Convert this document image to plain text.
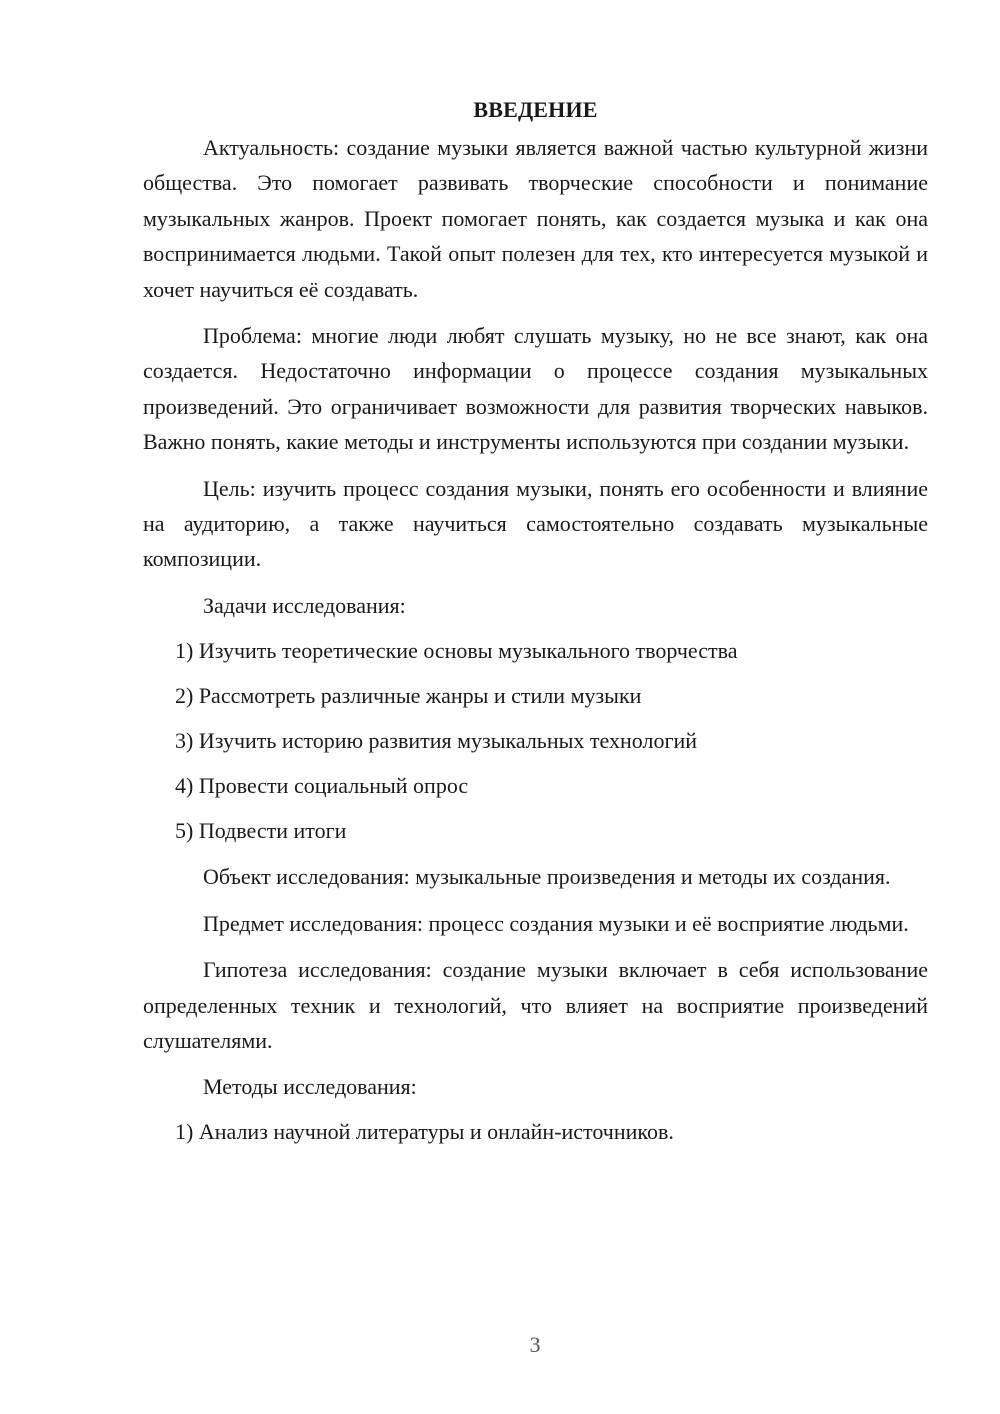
ВВЕДЕНИЕ

Актуальность: создание музыки является важной частью культурной жизни общества. Это помогает развивать творческие способности и понимание музыкальных жанров. Проект помогает понять, как создается музыка и как она воспринимается людьми. Такой опыт полезен для тех, кто интересуется музыкой и хочет научиться её создавать.

Проблема: многие люди любят слушать музыку, но не все знают, как она создается. Недостаточно информации о процессе создания музыкальных произведений. Это ограничивает возможности для развития творческих навыков. Важно понять, какие методы и инструменты используются при создании музыки.

Цель: изучить процесс создания музыки, понять его особенности и влияние на аудиторию, а также научиться самостоятельно создавать музыкальные композиции.

Задачи исследования:

1) Изучить теоретические основы музыкального творчества
2) Рассмотреть различные жанры и стили музыки
3) Изучить историю развития музыкальных технологий
4) Провести социальный опрос
5) Подвести итоги

Объект исследования: музыкальные произведения и методы их создания.

Предмет исследования: процесс создания музыки и её восприятие людьми.

Гипотеза исследования: создание музыки включает в себя использование определенных техник и технологий, что влияет на восприятие произведений слушателями.

Методы исследования:

1) Анализ научной литературы и онлайн-источников.
3
